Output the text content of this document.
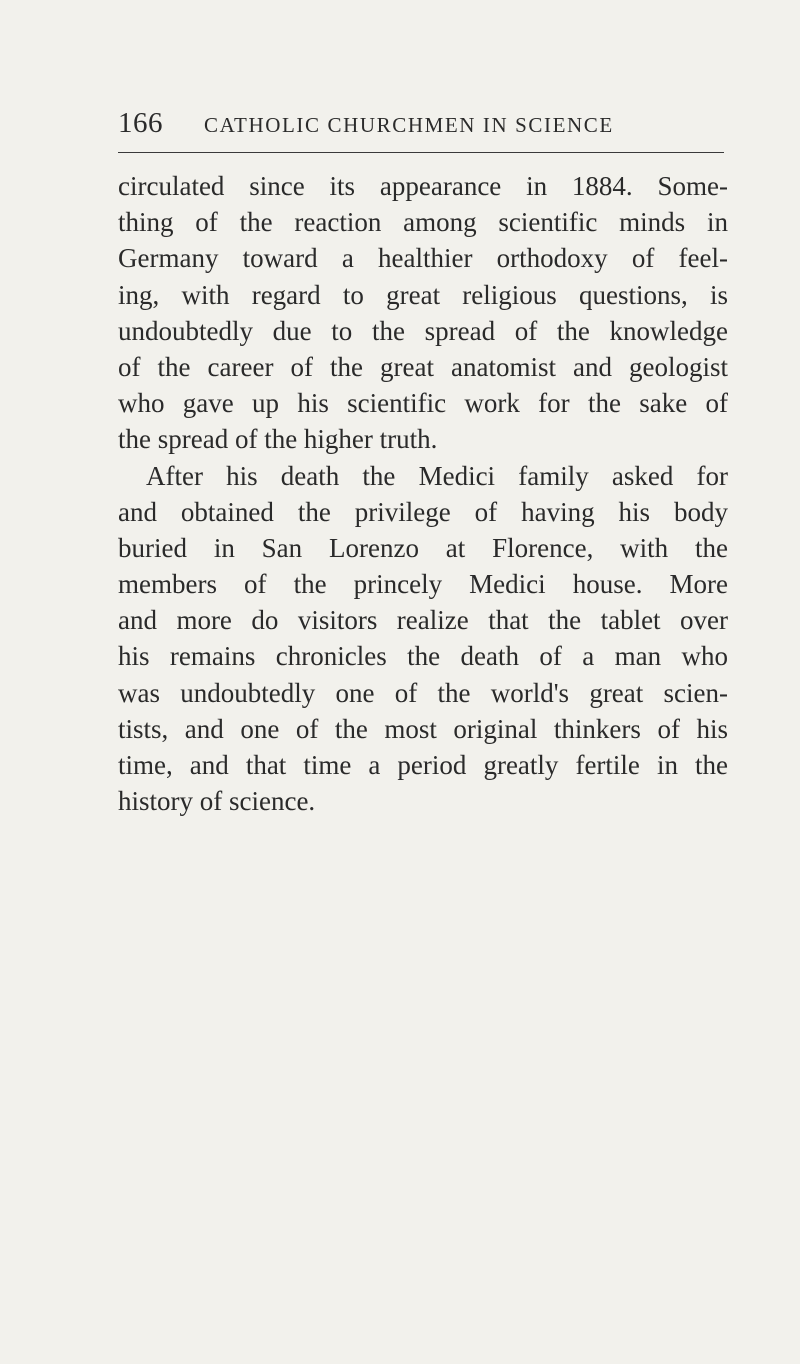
166 CATHOLIC CHURCHMEN IN SCIENCE
circulated since its appearance in 1884. Some-
thing of the reaction among scientific minds in
Germany toward a healthier orthodoxy of feel-
ing, with regard to great religious questions, is
undoubtedly due to the spread of the knowledge
of the career of the great anatomist and geologist
who gave up his scientific work for the sake of
the spread of the higher truth.
After his death the Medici family asked for
and obtained the privilege of having his body
buried in San Lorenzo at Florence, with the
members of the princely Medici house. More
and more do visitors realize that the tablet over
his remains chronicles the death of a man who
was undoubtedly one of the world's great scien-
tists, and one of the most original thinkers of his
time, and that time a period greatly fertile in the
history of science.
